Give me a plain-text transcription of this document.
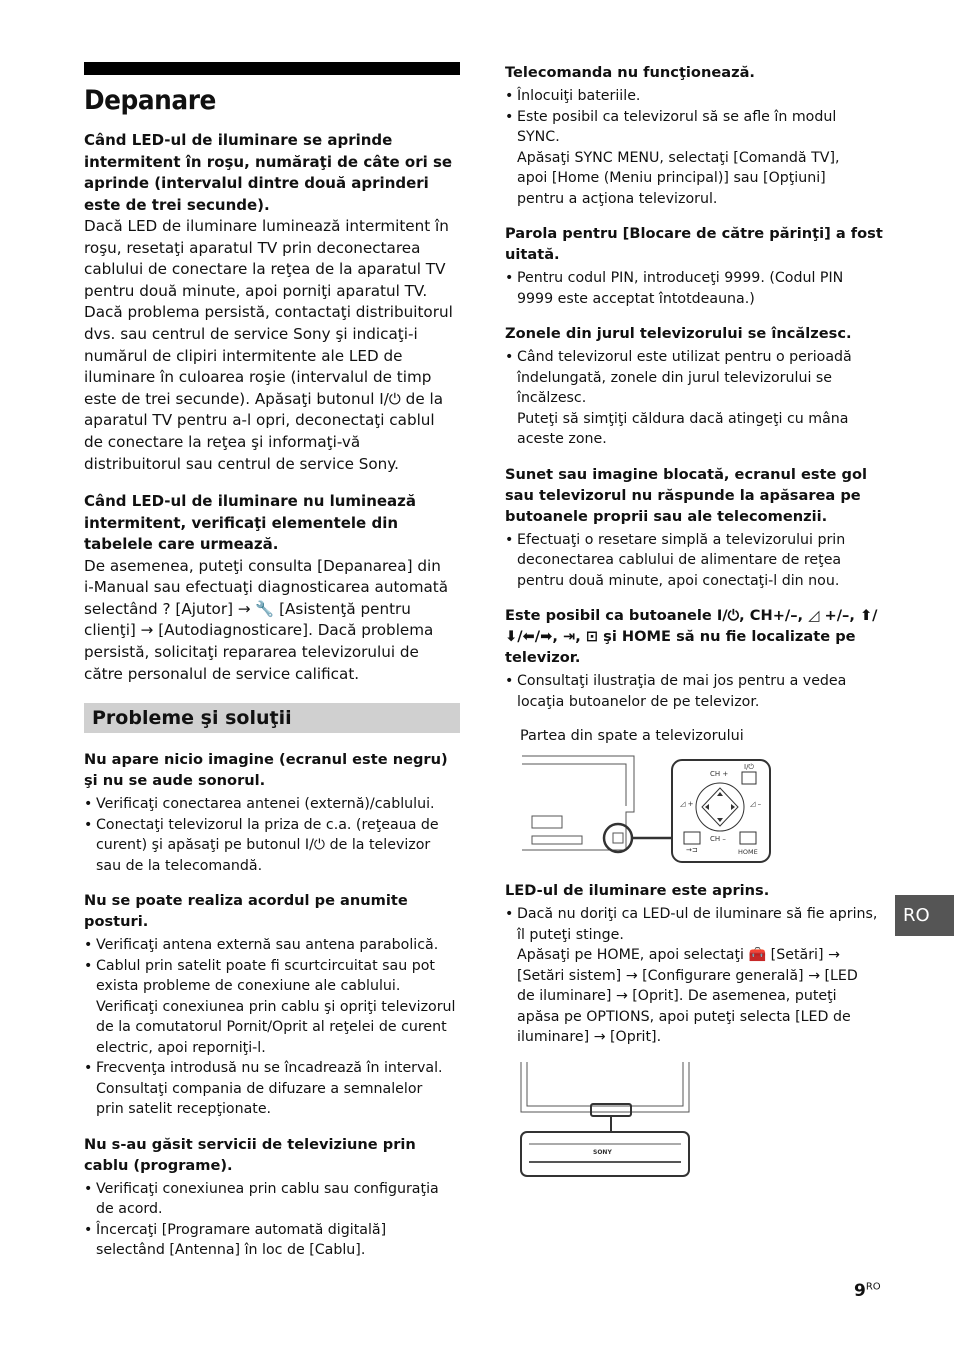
Depanare

Când LED-ul de iluminare se aprinde intermitent în roşu, număraţi de câte ori se aprinde (intervalul dintre două aprinderi este de trei secunde).

Dacă LED de iluminare luminează intermitent în
roşu, resetaţi aparatul TV prin deconectarea
cablului de conectare la reţea de la aparatul TV
pentru două minute, apoi porniţi aparatul TV.
Dacă problema persistă, contactaţi distribuitorul
dvs. sau centrul de service Sony şi indicaţi-i
numărul de clipiri intermitente ale LED de
iluminare în culoarea roşie (intervalul de timp
este de trei secunde). Apăsaţi butonul I/⏻ de la
aparatul TV pentru a-l opri, deconectaţi cablul
de conectare la reţea şi informaţi-vă
distribuitorul sau centrul de service Sony.

Când LED-ul de iluminare nu luminează intermitent, verificaţi elementele din tabelele care urmează.

De asemenea, puteţi consulta [Depanarea] din
i-Manual sau efectuaţi diagnosticarea automată
selectând ? [Ajutor] → 🔧 [Asistenţă pentru
clienţi] → [Autodiagnosticare]. Dacă problema
persistă, solicitaţi repararea televizorului de
către personalul de service calificat.
Probleme şi soluţii

Nu apare nicio imagine (ecranul este negru) şi nu se aude sonorul.

• Verificaţi conectarea antenei (externă)/cablului.
• Conectaţi televizorul la priza de c.a. (reţeaua de
curent) şi apăsaţi pe butonul I/⏻ de la televizor
sau de la telecomandă.

Nu se poate realiza acordul pe anumite posturi.

• Verificaţi antena externă sau antena parabolică.
• Cablul prin satelit poate fi scurtcircuitat sau pot
exista probleme de conexiune ale cablului.
Verificaţi conexiunea prin cablu şi opriţi televizorul
de la comutatorul Pornit/Oprit al reţelei de curent
electric, apoi reporniţi-l.
• Frecvenţa introdusă nu se încadrează în interval.
Consultaţi compania de difuzare a semnalelor
prin satelit recepţionate.

Nu s-au găsit servicii de televiziune prin cablu (programe).

• Verificaţi conexiunea prin cablu sau configuraţia
de acord.
• Încercaţi [Programare automată digitală]
selectând [Antenna] în loc de [Cablu].

Telecomanda nu funcţionează.

• Înlocuiţi bateriile.
• Este posibil ca televizorul să se afle în modul SYNC.
Apăsaţi SYNC MENU, selectaţi [Comandă TV],
apoi [Home (Meniu principal)] sau [Opţiuni]
pentru a acţiona televizorul.

Parola pentru [Blocare de către părinţi] a fost uitată.

• Pentru codul PIN, introduceţi 9999. (Codul PIN
9999 este acceptat întotdeauna.)

Zonele din jurul televizorului se încălzesc.

• Când televizorul este utilizat pentru o perioadă
îndelungată, zonele din jurul televizorului se
încălzesc.
Puteţi să simţiţi căldura dacă atingeţi cu mâna
aceste zone.

Sunet sau imagine blocată, ecranul este gol sau televizorul nu răspunde la apăsarea pe butoanele proprii sau ale telecomenzii.

• Efectuaţi o resetare simplă a televizorului prin
deconectarea cablului de alimentare de reţea
pentru două minute, apoi conectaţi-l din nou.

Este posibil ca butoanele I/⏻, CH+/–, ◿ +/–, ⬆/⬇/⬅/➡, ⇥, ⊡ şi HOME să nu fie localizate pe televizor.

• Consultaţi ilustraţia de mai jos pentru a vedea
locaţia butoanelor de pe televizor.

Partea din spate a televizorului

I/⏻
CH +
◿ +	◿ –
→⊐
CH –
HOME

LED-ul de iluminare este aprins.

• Dacă nu doriţi ca LED-ul de iluminare să fie aprins,
îl puteţi stinge.
Apăsaţi pe HOME, apoi selectaţi 🧰 [Setări] →
[Setări sistem] → [Configurare generală] → [LED
de iluminare] → [Oprit]. De asemenea, puteţi
apăsa pe OPTIONS, apoi puteţi selecta [LED de
iluminare] → [Oprit].
SONY
RO
$9^{RO}$
